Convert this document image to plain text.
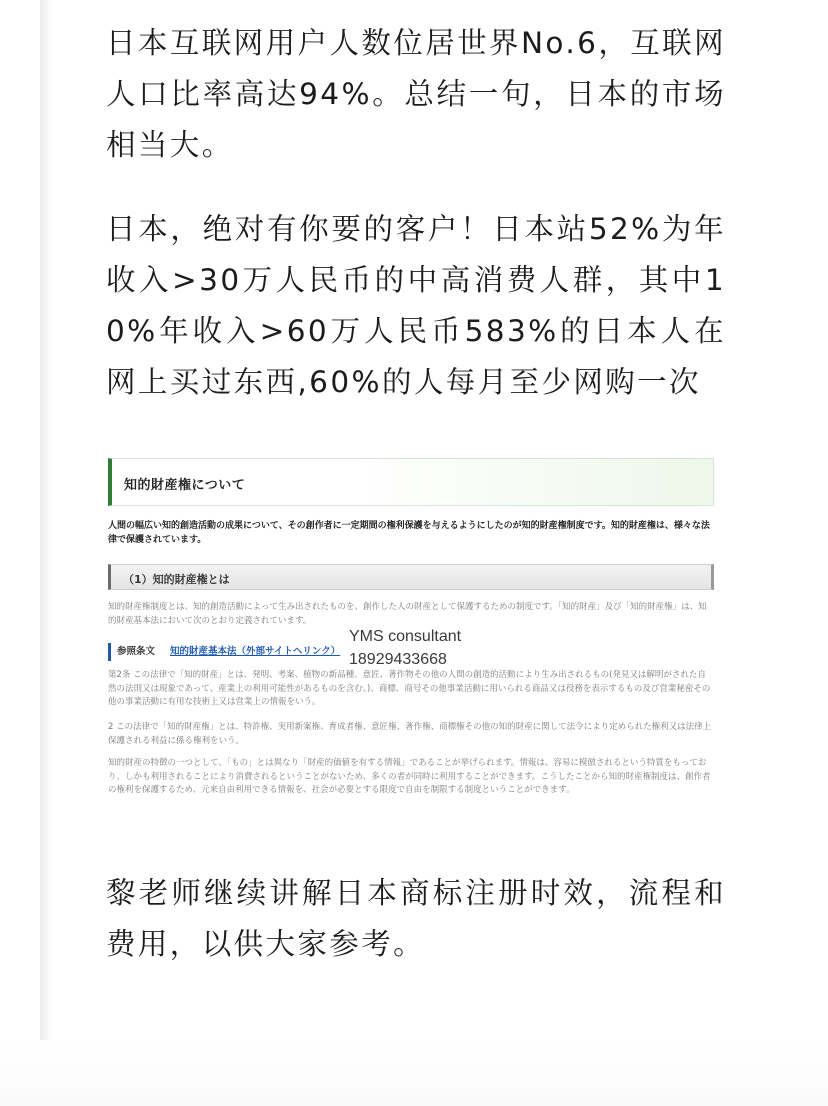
日本互联网用户人数位居世界No.6，互联网人口比率高达94%。总结一句，日本的市场相当大。

日本，绝对有你要的客户！日本站52%为年收入>30万人民币的中高消费人群，其中10%年收入>60万人民币583%的日本人在网上买过东西,60%的人每月至少网购一次

知的財産権について
人間の幅広い知的創造活動の成果について、その創作者に一定期間の権利保護を与えるようにしたのが知的財産権制度です。知的財産権は、様々な法律で保護されています。
（1）知的財産権とは
知的財産権制度とは、知的創造活動によって生み出されたものを、創作した人の財産として保護するための制度です。「知的財産」及び「知的財産権」は、知的財産基本法において次のとおり定義されています。
参照条文 知的財産基本法（外部サイトへリンク）
第2条 この法律で「知的財産」とは、発明、考案、植物の新品種、意匠、著作物その他の人間の創造的活動により生み出されるもの(発見又は解明がされた自然の法則又は現象であって、産業上の利用可能性があるものを含む。)、商標、商号その他事業活動に用いられる商品又は役務を表示するもの及び営業秘密その他の事業活動に有用な技術上又は営業上の情報をいう。
2 この法律で「知的財産権」とは、特許権、実用新案権、育成者権、意匠権、著作権、商標権その他の知的財産に関して法令により定められた権利又は法律上保護される利益に係る権利をいう。
知的財産の特徴の一つとして、「もの」とは異なり「財産的価値を有する情報」であることが挙げられます。情報は、容易に模倣されるという特質をもっており、しかも利用されることにより消費されるということがないため、多くの者が同時に利用することができます。こうしたことから知的財産権制度は、創作者の権利を保護するため、元来自由利用できる情報を、社会が必要とする限度で自由を制限する制度ということができます。
YMS consultant
18929433668

黎老师继续讲解日本商标注册时效，流程和费用，以供大家参考。
